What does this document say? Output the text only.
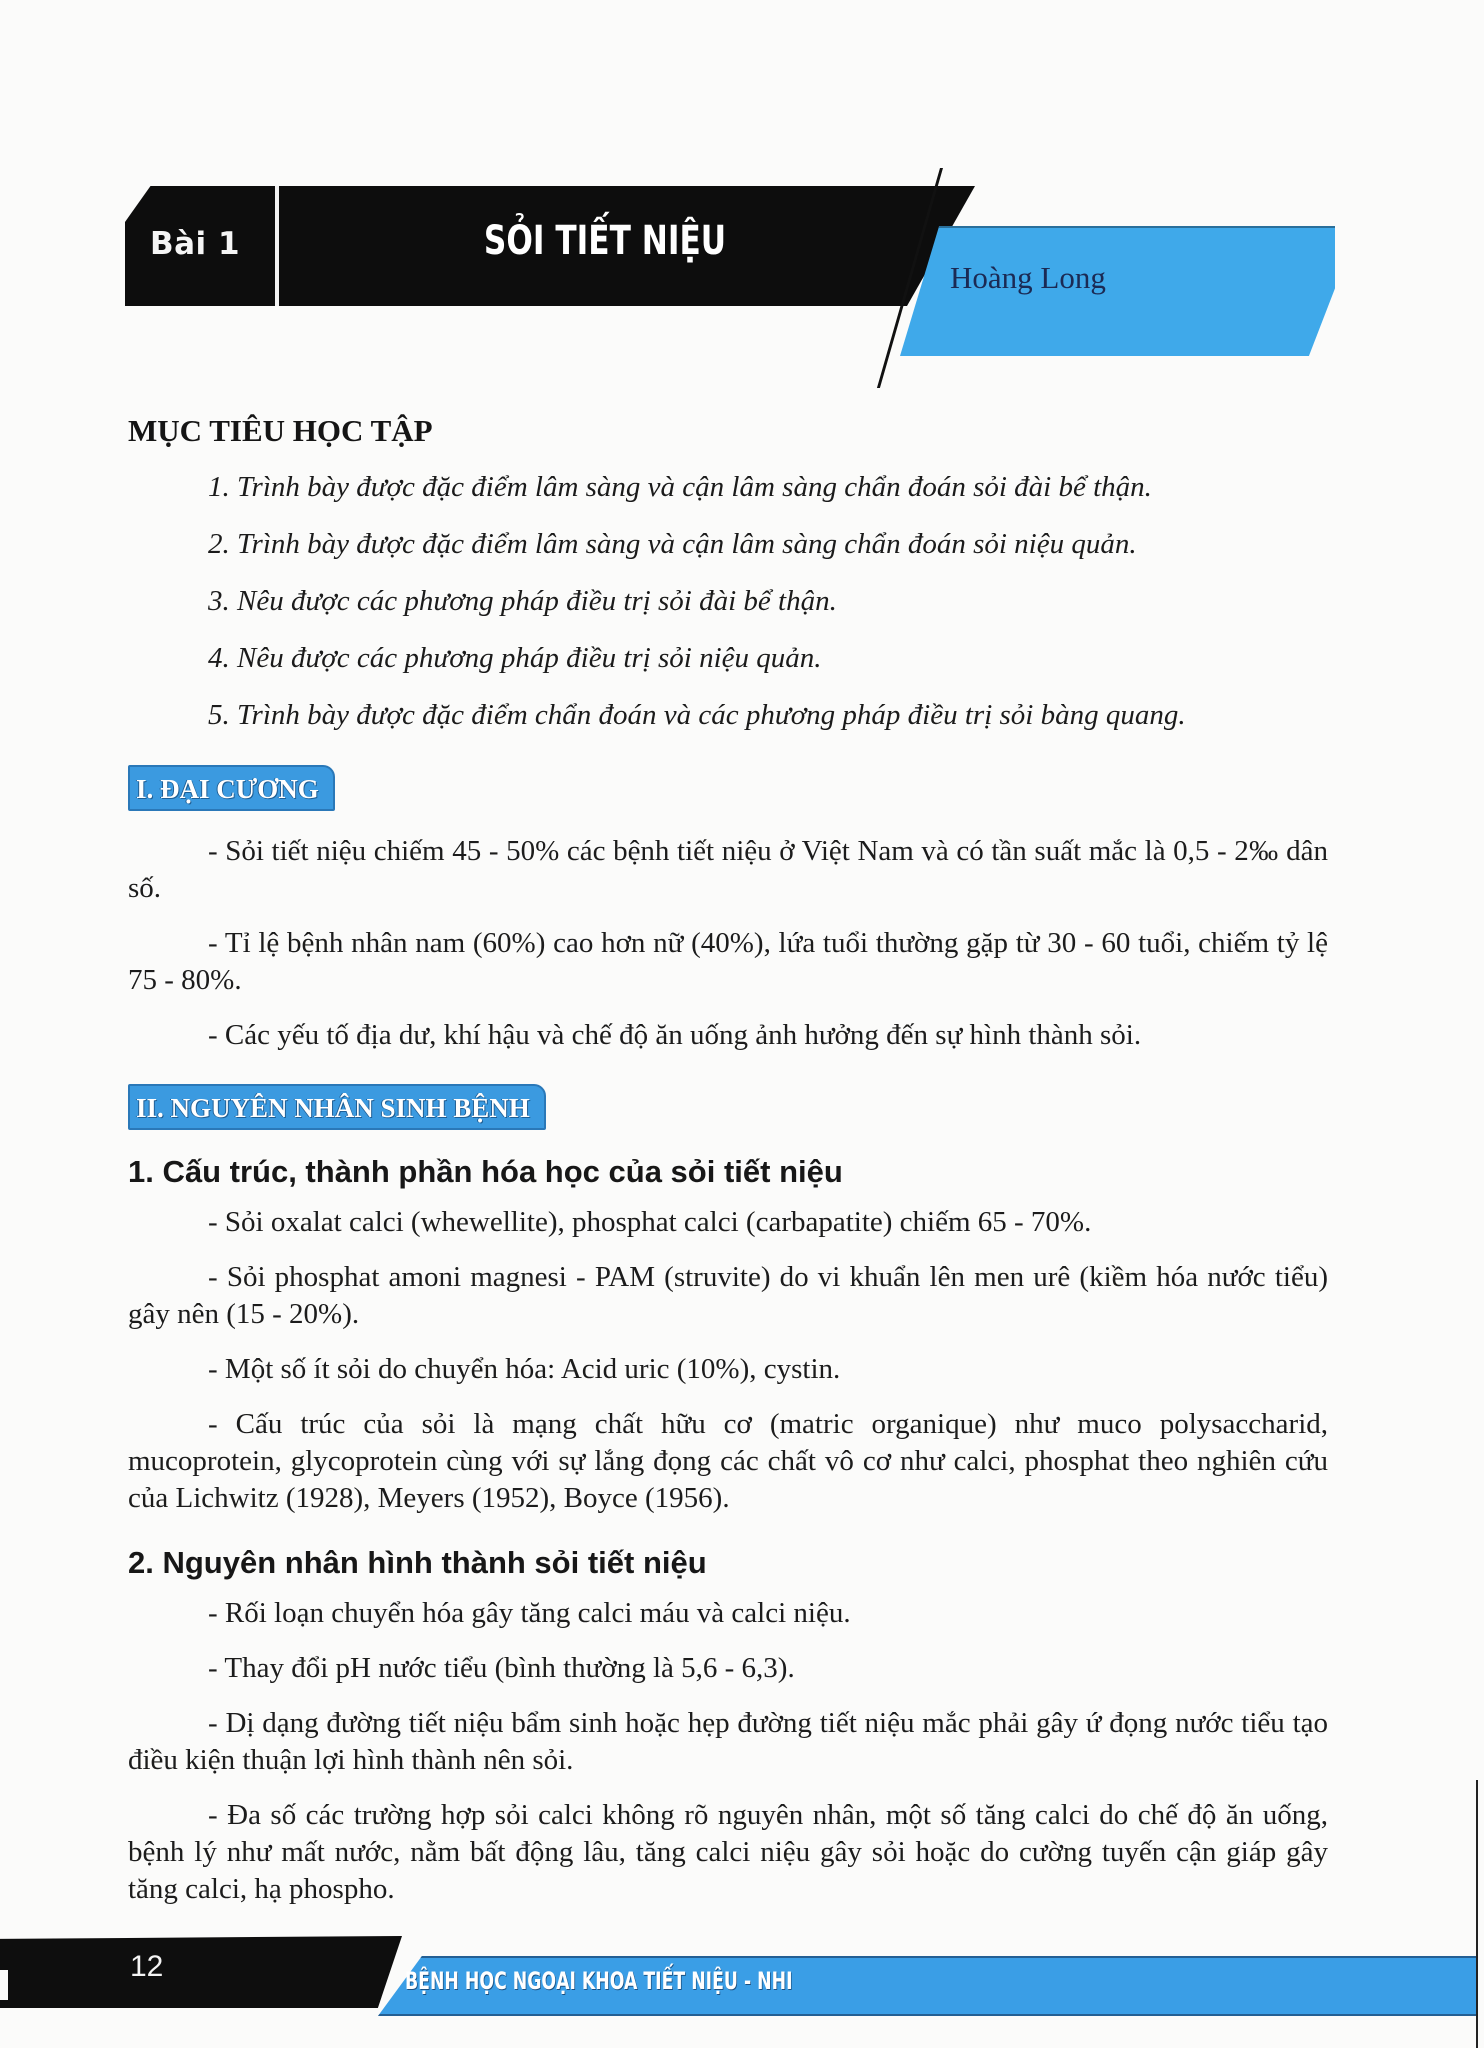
Bài 1	SỎI TIẾT NIỆU
Hoàng Long
MỤC TIÊU HỌC TẬP
1. Trình bày được đặc điểm lâm sàng và cận lâm sàng chẩn đoán sỏi đài bể thận.
2. Trình bày được đặc điểm lâm sàng và cận lâm sàng chẩn đoán sỏi niệu quản.
3. Nêu được các phương pháp điều trị sỏi đài bể thận.
4. Nêu được các phương pháp điều trị sỏi niệu quản.
5. Trình bày được đặc điểm chẩn đoán và các phương pháp điều trị sỏi bàng quang.
I. ĐẠI CƯƠNG

- Sỏi tiết niệu chiếm 45 - 50% các bệnh tiết niệu ở Việt Nam và có tần suất mắc là 0,5 - 2‰ dân số.

- Tỉ lệ bệnh nhân nam (60%) cao hơn nữ (40%), lứa tuổi thường gặp từ 30 - 60 tuổi, chiếm tỷ lệ 75 - 80%.

- Các yếu tố địa dư, khí hậu và chế độ ăn uống ảnh hưởng đến sự hình thành sỏi.

II. NGUYÊN NHÂN SINH BỆNH
1. Cấu trúc, thành phần hóa học của sỏi tiết niệu

- Sỏi oxalat calci (whewellite), phosphat calci (carbapatite) chiếm 65 - 70%.

- Sỏi phosphat amoni magnesi - PAM (struvite) do vi khuẩn lên men urê (kiềm hóa nước tiểu) gây nên (15 - 20%).

- Một số ít sỏi do chuyển hóa: Acid uric (10%), cystin.

- Cấu trúc của sỏi là mạng chất hữu cơ (matric organique) như muco polysaccharid, mucoprotein, glycoprotein cùng với sự lắng đọng các chất vô cơ như calci, phosphat theo nghiên cứu của Lichwitz (1928), Meyers (1952), Boyce (1956).

2. Nguyên nhân hình thành sỏi tiết niệu

- Rối loạn chuyển hóa gây tăng calci máu và calci niệu.

- Thay đổi pH nước tiểu (bình thường là 5,6 - 6,3).

- Dị dạng đường tiết niệu bẩm sinh hoặc hẹp đường tiết niệu mắc phải gây ứ đọng nước tiểu tạo điều kiện thuận lợi hình thành nên sỏi.

- Đa số các trường hợp sỏi calci không rõ nguyên nhân, một số tăng calci do chế độ ăn uống, bệnh lý như mất nước, nằm bất động lâu, tăng calci niệu gây sỏi hoặc do cường tuyến cận giáp gây tăng calci, hạ phospho.

12	BỆNH HỌC NGOẠI KHOA TIẾT NIỆU - NHI
